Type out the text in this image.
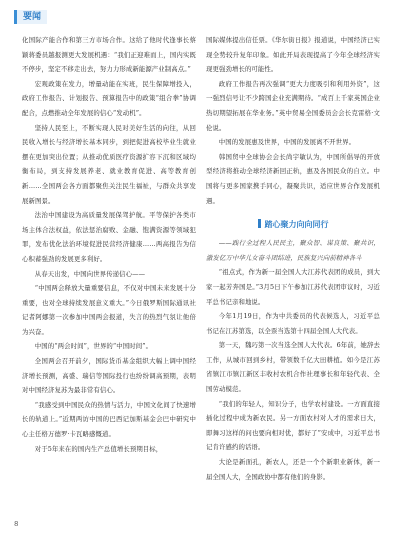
要闻

化国际产能合作和第三方市场合作。这给了他时代逢事长蔡颖蒋委员越报测更大发展机遇：“我们正迎难而上，国内实既不停步，坚定不移走出去，努力力形成新能源产业制高点。”

宏观政策在发力，增量动能在实班，民生保障增投入，政府工作报告、计划报告、预算报告中的政策“组合拳”协调配合，点燃推动全年发展的信心“发动机”。

坚持人民至上，不断实现人民对美好生活的向往，从回民收入增长与经济增长基本同步，到把促进高校毕业生就业摆在更加突出位置；从推动优质医疗资源扩容下沉和区域均衡布局，到支持发展养老、就业教育促进、高等教育创新……全国两会各方面都聚焦关注民生福祉，与群众共享发展新图景。

法治中国建设为高质量发展保驾护航。平等保护各类市场主体合法权益，依法惩治腐败、金融、饱满资源等领域犯罪，发布优化法治环境促进民营经济健康……两高报告为信心积蓄强劲的发展更多利好。

从春天出发，中国向世界传递信心——

“中国两会释放大量重要信息，不仅对中国未来发展十分重要，也对全球持续发展意义重大。”今日俄罗斯国际通讯社记者阿娜第一次参加中国两会报道，失言的热烈气氛让他倍为兴奋。

中国的“两会时间”，世界的“中国时间”。

全国两会召开前夕，国际货币基金组织大幅上调中国经济增长预测，高盛、瑞信等国际投行也纷纷调高预期，表明对中国经济复苏为最非常有信心。

“我感受到中国民众的热情与活力，中国文化间了快速增长的轨道上。”近期两访中国的巴西记加斯基金会巴中研究中心主任格万德罗·卡瓦略感慨道。

对于5年来在的国内生产总值增长预期目标，

国际媒体提出信任票。《华尔街日报》报道说，中国经济已实现全势较升复年印象。如此开局表现提高了今年全球经济实现更强劲增长的可能性。

政府工作报告再次强调“更大力度吸引和利用外资”，这一强烈信号让不少跨国企业充满期待。“成百上千家英国企业热切期望拓展在华业务。”英中贸易全国委员会会长克雷格·文伦说。

中国的发展惠及世界，中国的发展离不开世界。

韩国贸中全球协会会长尚宇敏认为，中国所倡导的开放型经济将推动全球经济新回正轨，惠及各国民众的自立。中国将与更多国家携手同心，凝聚共识，适应世界合作发展机遇。

踏心聚力向向同行

——践行全过程人民民主，聚众智、谋良策、聚共识，激发亿万中华儿女奋斗团结进，民族复兴向前精神各斗

“祖点式，作为新一届全国人大江苏代表团的成员，到大家一起芳奔国是。”3月5日下午参加江苏代表团审议时，习近平总书记亲和地说。

今年1月19日，作为中共委员的代表候选人，习近平总书记在江苏第选，以全票当选第十四届全国人大代表。

第一天，魏巧第一次当选全国人大代表。6年前，她辞去工作，从城市回到乡村，带领数千亿大田耕植。如今是江苏省镇江市镇江新区丰收村农机合作社理事长和年轻代表、全国劳动模范。

“我们的年轻人，知识分子，也学农村建设。一方面直接插化过程中成为新农民。另一方面农村对人才的需求日大，即舞习这样的问也要向相对优，都好了”安成中，习近平总书记肯许感约的话语。

大论是新面孔，新农人，还是一个个新职业新体，新一届全国人大，全国政协中都有他们的身影。

8
